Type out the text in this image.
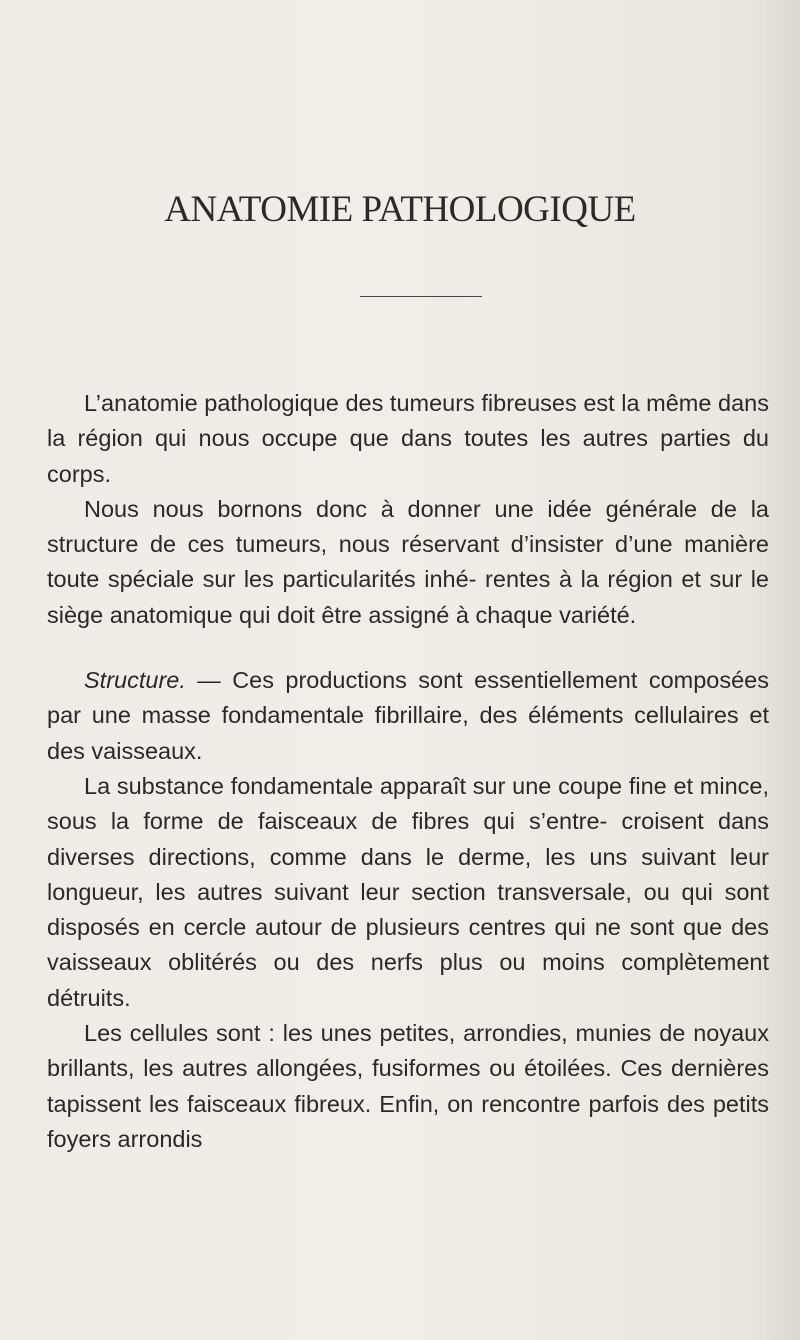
ANATOMIE PATHOLOGIQUE

L’anatomie pathologique des tumeurs fibreuses est la même dans la région qui nous occupe que dans toutes les autres parties du corps.

Nous nous bornons donc à donner une idée générale de la structure de ces tumeurs, nous réservant d’insister d’une manière toute spéciale sur les particularités inhé- rentes à la région et sur le siège anatomique qui doit être assigné à chaque variété.

Structure. — Ces productions sont essentiellement composées par une masse fondamentale fibrillaire, des éléments cellulaires et des vaisseaux.

La substance fondamentale apparaît sur une coupe fine et mince, sous la forme de faisceaux de fibres qui s’entre- croisent dans diverses directions, comme dans le derme, les uns suivant leur longueur, les autres suivant leur section transversale, ou qui sont disposés en cercle autour de plusieurs centres qui ne sont que des vaisseaux oblitérés ou des nerfs plus ou moins complètement détruits.

Les cellules sont : les unes petites, arrondies, munies de noyaux brillants, les autres allongées, fusiformes ou étoilées. Ces dernières tapissent les faisceaux fibreux. Enfin, on rencontre parfois des petits foyers arrondis
